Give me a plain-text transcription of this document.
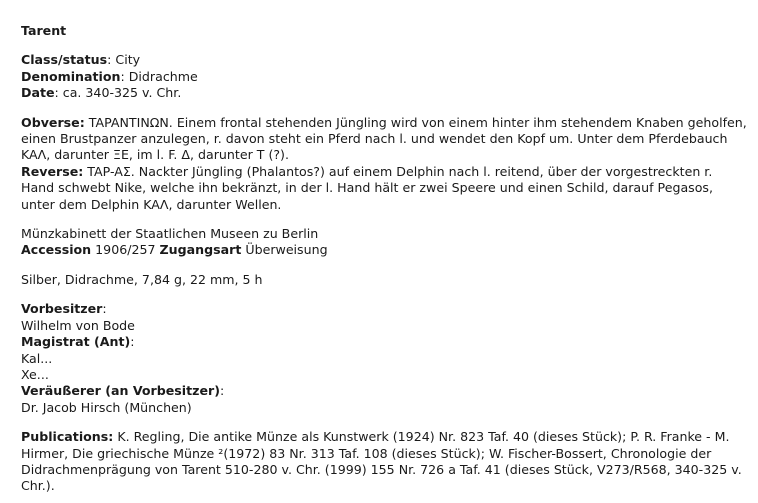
Tarent
Class/status: City
Denomination: Didrachme
Date: ca. 340-325 v. Chr.
Obverse: TAPANTINΩN. Einem frontal stehenden Jüngling wird von einem hinter ihm stehendem Knaben geholfen, einen Brustpanzer anzulegen, r. davon steht ein Pferd nach l. und wendet den Kopf um. Unter dem Pferdebauch KAΛ, darunter ΞE, im l. F. Δ, darunter T (?).
Reverse: TAP-AΣ. Nackter Jüngling (Phalantos?) auf einem Delphin nach l. reitend, über der vorgestreckten r. Hand schwebt Nike, welche ihn bekränzt, in der l. Hand hält er zwei Speere und einen Schild, darauf Pegasos, unter dem Delphin KAΛ, darunter Wellen.
Münzkabinett der Staatlichen Museen zu Berlin
Accession 1906/257 Zugangsart Überweisung
Silber, Didrachme, 7,84 g, 22 mm, 5 h
Vorbesitzer:
Wilhelm von Bode
Magistrat (Ant):
Kal...
Xe...
Veräußerer (an Vorbesitzer):
Dr. Jacob Hirsch (München)
Publications: K. Regling, Die antike Münze als Kunstwerk (1924) Nr. 823 Taf. 40 (dieses Stück); P. R. Franke - M. Hirmer, Die griechische Münze ²(1972) 83 Nr. 313 Taf. 108 (dieses Stück); W. Fischer-Bossert, Chronologie der Didrachmenprägung von Tarent 510-280 v. Chr. (1999) 155 Nr. 726 a Taf. 41 (dieses Stück, V273/R568, 340-325 v. Chr.).
